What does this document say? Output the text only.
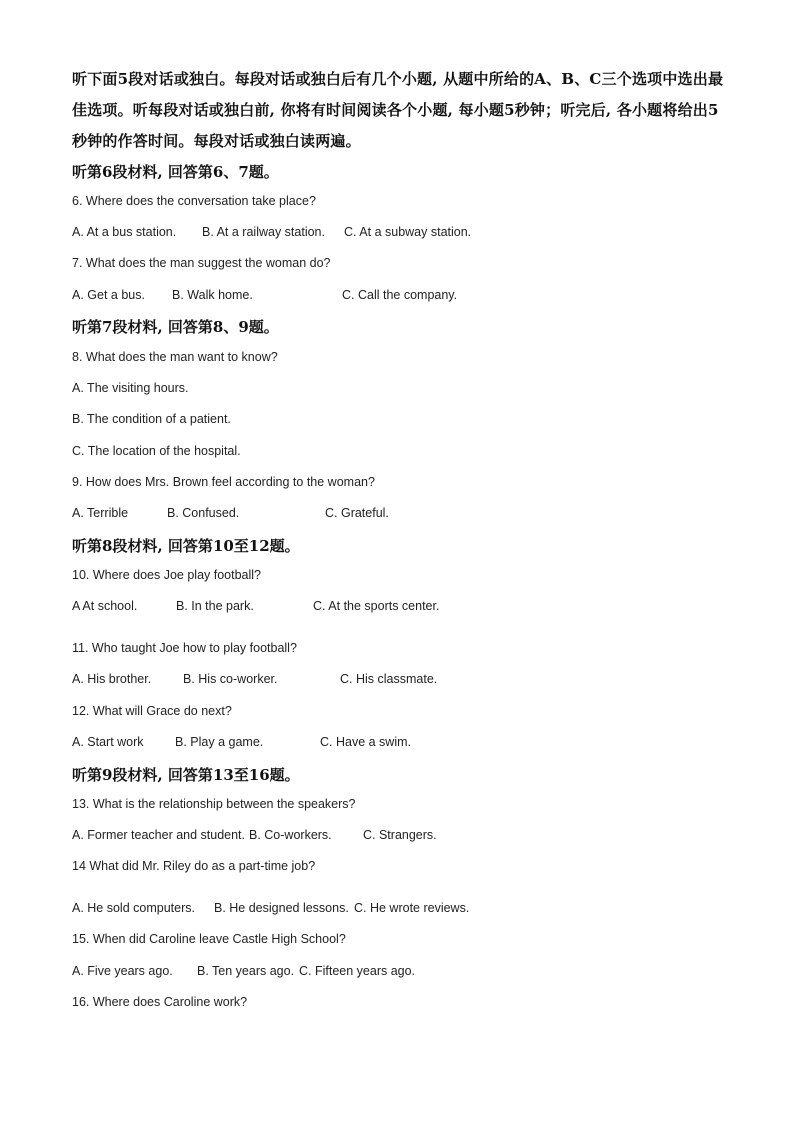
听下面5段对话或独白。每段对话或独白后有几个小题, 从题中所给的A、B、C三个选项中选出最佳选项。听每段对话或独白前, 你将有时间阅读各个小题, 每小题5秒钟；听完后, 各小题将给出5秒钟的作答时间。每段对话或独白读两遍。
听第6段材料, 回答第6、7题。
6. Where does the conversation take place?
A. At a bus station. B. At a railway station. C. At a subway station.
7. What does the man suggest the woman do?
A. Get a bus. B. Walk home.	C. Call the company.
听第7段材料, 回答第8、9题。
8. What does the man want to know?
A. The visiting hours.
B. The condition of a patient.
C. The location of the hospital.
9. How does Mrs. Brown feel according to the woman?
A. Terrible	B. Confused.	C. Grateful.
听第8段材料, 回答第10至12题。
10. Where does Joe play football?
A At school.	B. In the park.	C. At the sports center.
11. Who taught Joe how to play football?
A. His brother.	B. His co-worker.	C. His classmate.
12. What will Grace do next?
A. Start work	B. Play a game.	C. Have a swim.
听第9段材料, 回答第13至16题。
13. What is the relationship between the speakers?
A. Former teacher and student. B. Co-workers.	C. Strangers.
14 What did Mr. Riley do as a part-time job?
A. He sold computers. B. He designed lessons. C. He wrote reviews.
15. When did Caroline leave Castle High School?
A. Five years ago. B. Ten years ago. C. Fifteen years ago.
16. Where does Caroline work?
